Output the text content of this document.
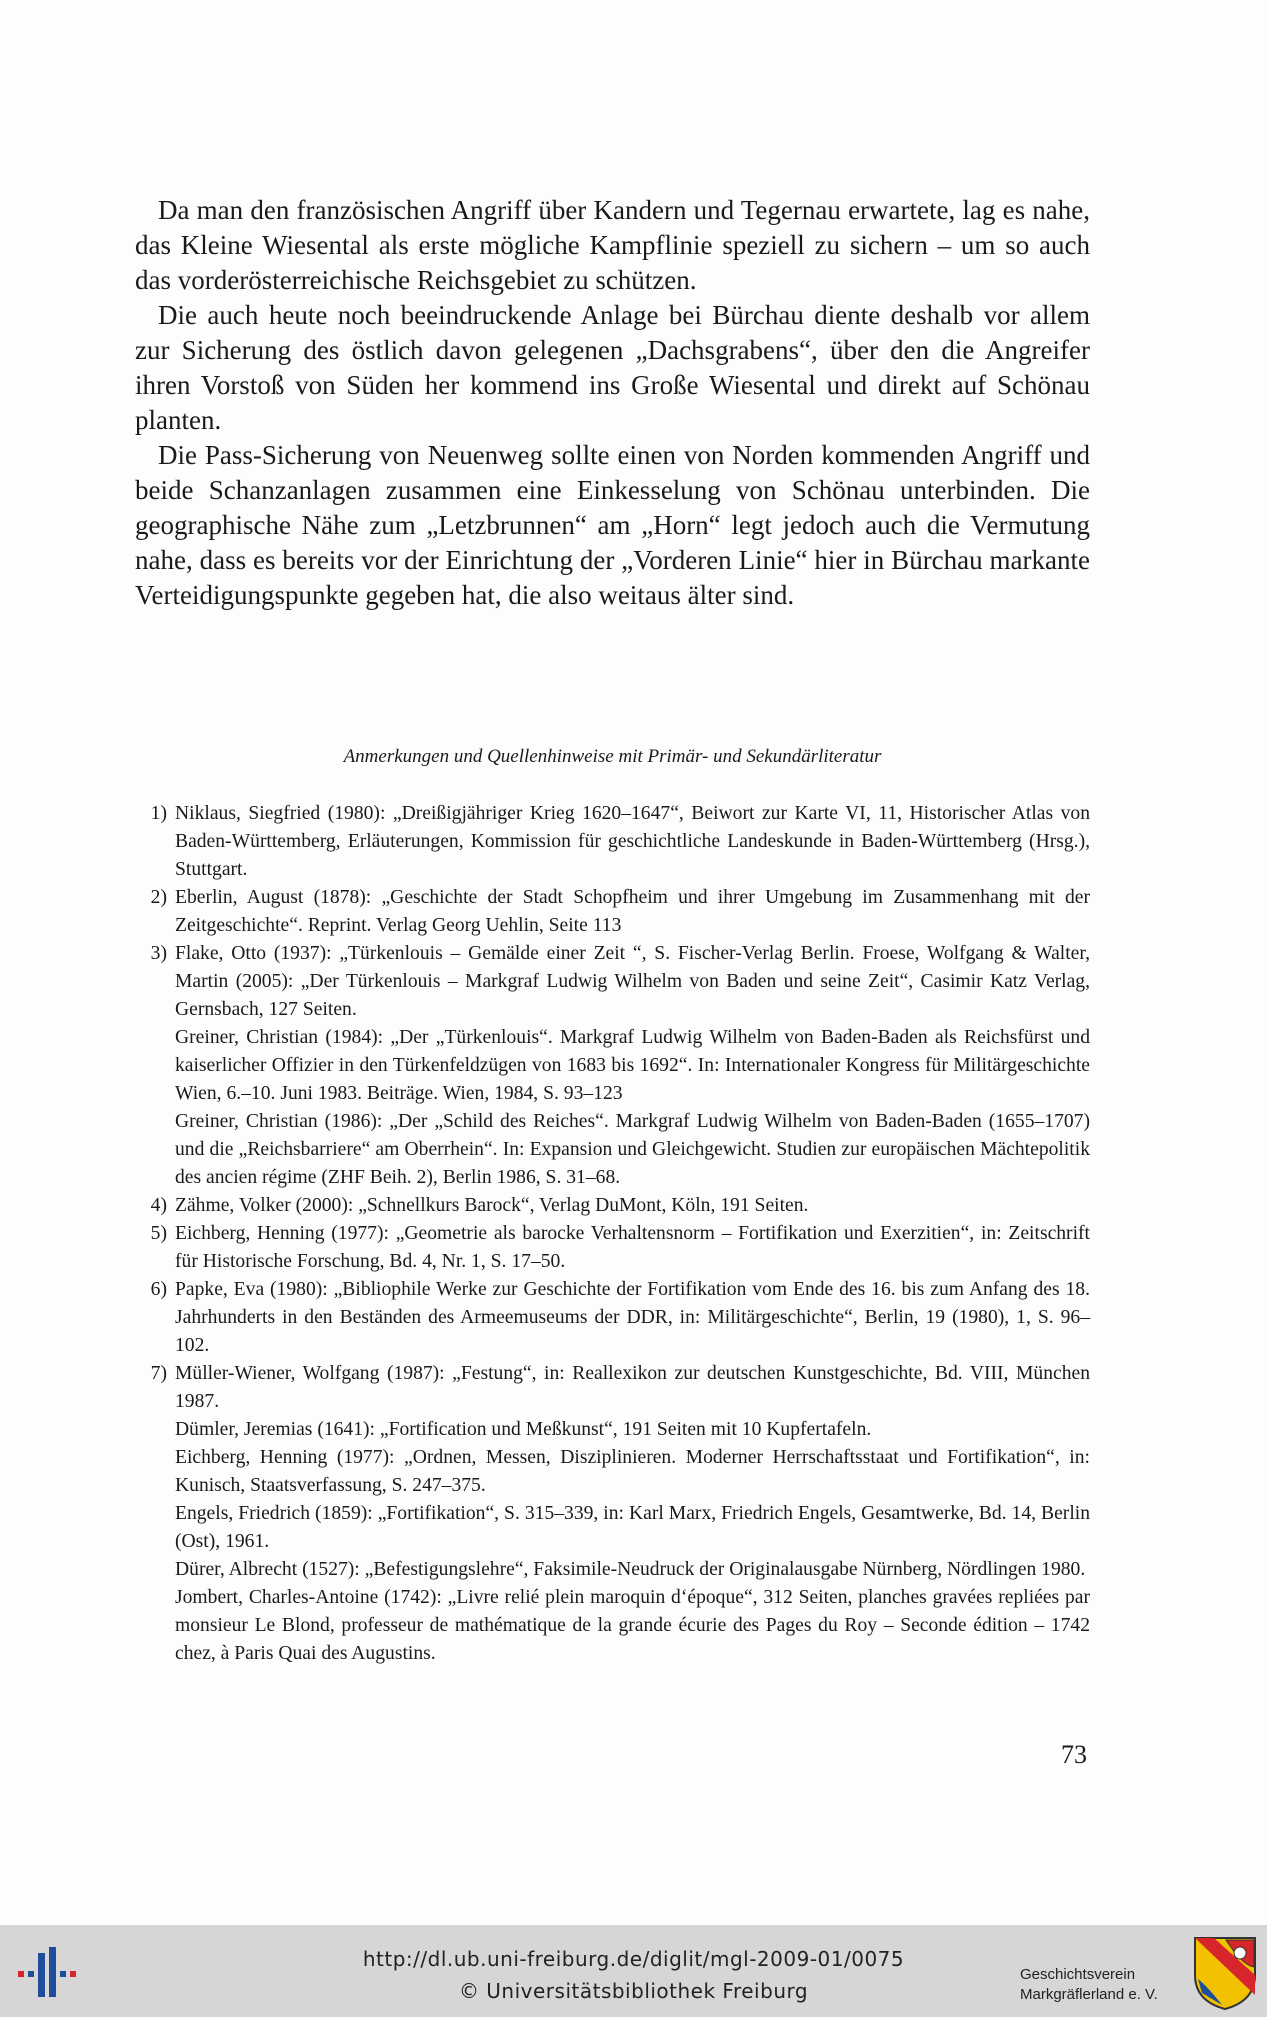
Da man den französischen Angriff über Kandern und Tegernau erwartete, lag es nahe, das Kleine Wiesental als erste mögliche Kampflinie speziell zu sichern – um so auch das vorderösterreichische Reichsgebiet zu schützen.

Die auch heute noch beeindruckende Anlage bei Bürchau diente deshalb vor allem zur Sicherung des östlich davon gelegenen „Dachsgrabens“, über den die Angreifer ihren Vorstoß von Süden her kommend ins Große Wiesental und direkt auf Schönau planten.

Die Pass-Sicherung von Neuenweg sollte einen von Norden kommenden Angriff und beide Schanzanlagen zusammen eine Einkesselung von Schönau unterbinden. Die geographische Nähe zum „Letzbrunnen“ am „Horn“ legt jedoch auch die Vermutung nahe, dass es bereits vor der Einrichtung der „Vorderen Linie“ hier in Bürchau markante Verteidigungspunkte gegeben hat, die also weitaus älter sind.

Anmerkungen und Quellenhinweise mit Primär- und Sekundärliteratur
1) Niklaus, Siegfried (1980): „Dreißigjähriger Krieg 1620–1647“, Beiwort zur Karte VI, 11, Historischer Atlas von Baden-Württemberg, Erläuterungen, Kommission für geschichtliche Landeskunde in Baden-Württemberg (Hrsg.), Stuttgart.
2) Eberlin, August (1878): „Geschichte der Stadt Schopfheim und ihrer Umgebung im Zusammenhang mit der Zeitgeschichte“. Reprint. Verlag Georg Uehlin, Seite 113
3) Flake, Otto (1937): „Türkenlouis – Gemälde einer Zeit “, S. Fischer-Verlag Berlin. Froese, Wolfgang & Walter, Martin (2005): „Der Türkenlouis – Markgraf Ludwig Wilhelm von Baden und seine Zeit“, Casimir Katz Verlag, Gernsbach, 127 Seiten.
Greiner, Christian (1984): „Der „Türkenlouis“. Markgraf Ludwig Wilhelm von Baden-Baden als Reichsfürst und kaiserlicher Offizier in den Türkenfeldzügen von 1683 bis 1692“. In: Internationaler Kongress für Militärgeschichte Wien, 6.–10. Juni 1983. Beiträge. Wien, 1984, S. 93–123
Greiner, Christian (1986): „Der „Schild des Reiches“. Markgraf Ludwig Wilhelm von Baden-Baden (1655–1707) und die „Reichsbarriere“ am Oberrhein“. In: Expansion und Gleichgewicht. Studien zur europäischen Mächtepolitik des ancien régime (ZHF Beih. 2), Berlin 1986, S. 31–68.
4) Zähme, Volker (2000): „Schnellkurs Barock“, Verlag DuMont, Köln, 191 Seiten.
5) Eichberg, Henning (1977): „Geometrie als barocke Verhaltensnorm – Fortifikation und Exerzitien“, in: Zeitschrift für Historische Forschung, Bd. 4, Nr. 1, S. 17–50.
6) Papke, Eva (1980): „Bibliophile Werke zur Geschichte der Fortifikation vom Ende des 16. bis zum Anfang des 18. Jahrhunderts in den Beständen des Armeemuseums der DDR, in: Militärgeschichte“, Berlin, 19 (1980), 1, S. 96–102.
7) Müller-Wiener, Wolfgang (1987): „Festung“, in: Reallexikon zur deutschen Kunstgeschichte, Bd. VIII, München 1987.
Dümler, Jeremias (1641): „Fortification und Meßkunst“, 191 Seiten mit 10 Kupfertafeln.
Eichberg, Henning (1977): „Ordnen, Messen, Disziplinieren. Moderner Herrschaftsstaat und Fortifikation“, in: Kunisch, Staatsverfassung, S. 247–375.
Engels, Friedrich (1859): „Fortifikation“, S. 315–339, in: Karl Marx, Friedrich Engels, Gesamtwerke, Bd. 14, Berlin (Ost), 1961.
Dürer, Albrecht (1527): „Befestigungslehre“, Faksimile-Neudruck der Originalausgabe Nürnberg, Nördlingen 1980.
Jombert, Charles-Antoine (1742): „Livre relié plein maroquin d‘époque“, 312 Seiten, planches gravées repliées par monsieur Le Blond, professeur de mathématique de la grande écurie des Pages du Roy – Seconde édition – 1742 chez, à Paris Quai des Augustins.
73
http://dl.ub.uni-freiburg.de/diglit/mgl-2009-01/0075
© Universitätsbibliothek Freiburg
Geschichtsverein
Markgräflerland e. V.
